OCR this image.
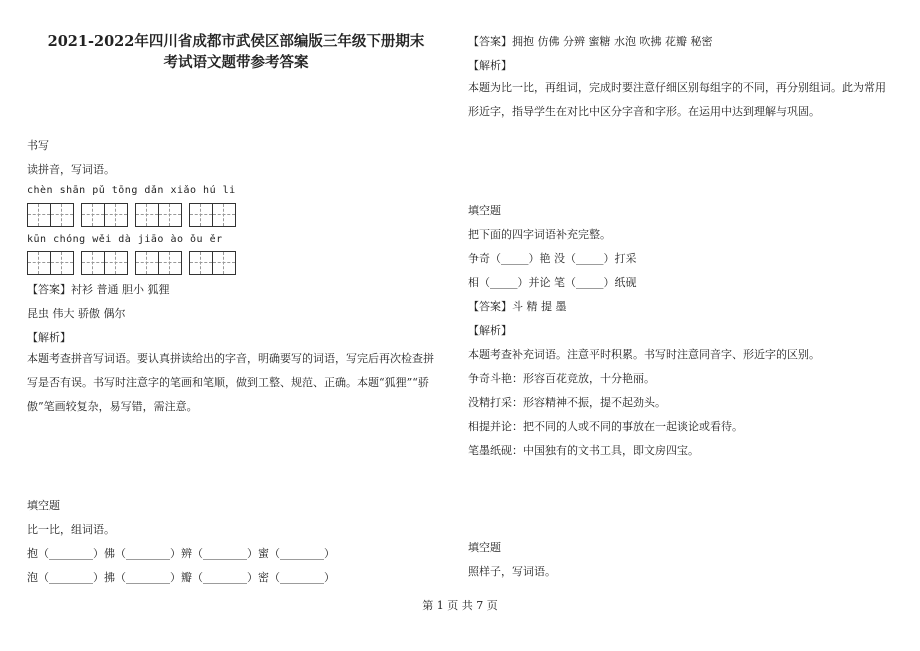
2021-2022年四川省成都市武侯区部编版三年级下册期末
考试语文题带参考答案
书写
读拼音，写词语。
chèn shān pǔ tōng dǎn xiǎo hú li
kūn chóng wěi dà jiāo ào ǒu ěr
【答案】衬衫 普通 胆小 狐狸
昆虫 伟大 骄傲 偶尔
【解析】
本题考查拼音写词语。要认真拼读给出的字音，明确要写的词语，写完后再次检查拼写是否有误。书写时注意字的笔画和笔顺，做到工整、规范、正确。本题“狐狸”“骄傲”笔画较复杂，易写错，需注意。
填空题
比一比，组词语。
抱（________）佛（________）辨（________）蜜（________）
泡（________）拂（________）瓣（________）密（________）
【答案】拥抱 仿佛 分辨 蜜糖 水泡 吹拂 花瓣 秘密
【解析】
本题为比一比，再组词，完成时要注意仔细区别每组字的不同，再分别组词。此为常用形近字，指导学生在对比中区分字音和字形。在运用中达到理解与巩固。
填空题
把下面的四字词语补充完整。
争奇（_____）艳 没（_____）打采
相（_____）并论 笔（_____）纸砚
【答案】斗 精 提 墨
【解析】
本题考查补充词语。注意平时积累。书写时注意同音字、形近字的区别。
争奇斗艳：形容百花竞放，十分艳丽。
没精打采：形容精神不振，提不起劲头。
相提并论：把不同的人或不同的事放在一起谈论或看待。
笔墨纸砚：中国独有的文书工具，即文房四宝。
填空题
照样子，写词语。
第 1 页 共 7 页
